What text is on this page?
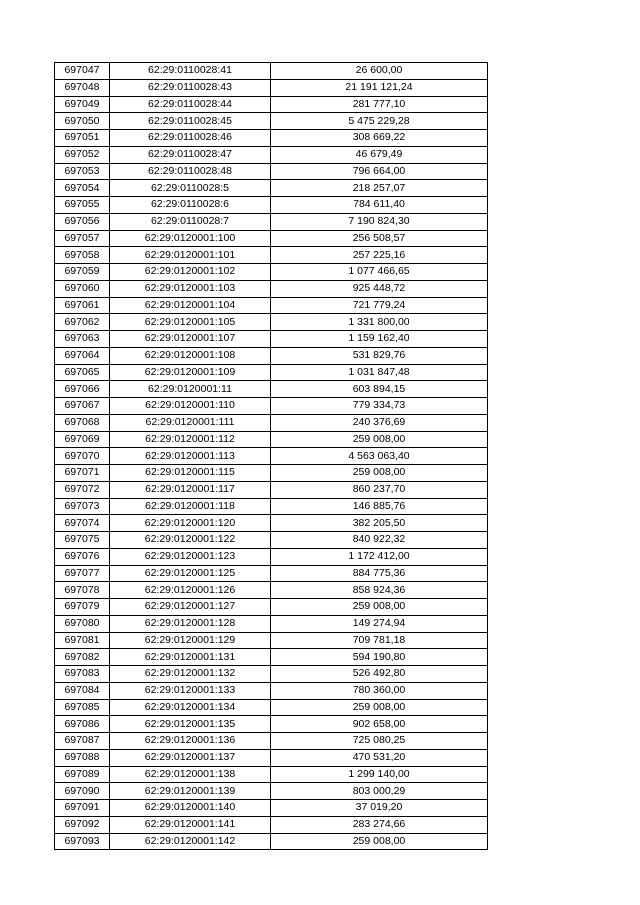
697047	62:29:0110028:41	26 600,00
697048	62:29:0110028:43	21 191 121,24
697049	62:29:0110028:44	281 777,10
697050	62:29:0110028:45	5 475 229,28
697051	62:29:0110028:46	308 669,22
697052	62:29:0110028:47	46 679,49
697053	62:29:0110028:48	796 664,00
697054	62:29:0110028:5	218 257,07
697055	62:29:0110028:6	784 611,40
697056	62:29:0110028:7	7 190 824,30
697057	62:29:0120001:100	256 508,57
697058	62:29:0120001:101	257 225,16
697059	62:29:0120001:102	1 077 466,65
697060	62:29:0120001:103	925 448,72
697061	62:29:0120001:104	721 779,24
697062	62:29:0120001:105	1 331 800,00
697063	62:29:0120001:107	1 159 162,40
697064	62:29:0120001:108	531 829,76
697065	62:29:0120001:109	1 031 847,48
697066	62:29:0120001:11	603 894,15
697067	62:29:0120001:110	779 334,73
697068	62:29:0120001:111	240 376,69
697069	62:29:0120001:112	259 008,00
697070	62:29:0120001:113	4 563 063,40
697071	62:29:0120001:115	259 008,00
697072	62:29:0120001:117	860 237,70
697073	62:29:0120001:118	146 885,76
697074	62:29:0120001:120	382 205,50
697075	62:29:0120001:122	840 922,32
697076	62:29:0120001:123	1 172 412,00
697077	62:29:0120001:125	884 775,36
697078	62:29:0120001:126	858 924,36
697079	62:29:0120001:127	259 008,00
697080	62:29:0120001:128	149 274,94
697081	62:29:0120001:129	709 781,18
697082	62:29:0120001:131	594 190,80
697083	62:29:0120001:132	526 492,80
697084	62:29:0120001:133	780 360,00
697085	62:29:0120001:134	259 008,00
697086	62:29:0120001:135	902 658,00
697087	62:29:0120001:136	725 080,25
697088	62:29:0120001:137	470 531,20
697089	62:29:0120001:138	1 299 140,00
697090	62:29:0120001:139	803 000,29
697091	62:29:0120001:140	37 019,20
697092	62:29:0120001:141	283 274,66
697093	62:29:0120001:142	259 008,00
